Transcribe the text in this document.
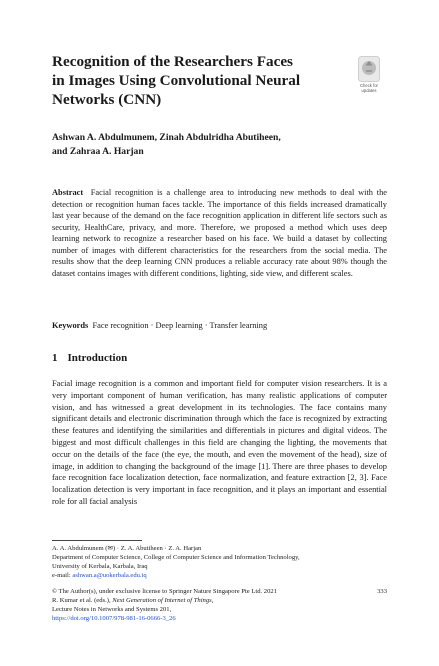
Recognition of the Researchers Faces
in Images Using Convolutional Neural
Networks (CNN)
Check for
updates
Ashwan A. Abdulmunem, Zinah Abdulridha Abutiheen,
and Zahraa A. Harjan
Abstract Facial recognition is a challenge area to introducing new methods to deal with the detection or recognition human faces tackle. The importance of this fields increased dramatically last year because of the demand on the face recognition application in different life sectors such as security, HealthCare, privacy, and more. Therefore, we proposed a method which uses deep learning network to recognize a researcher based on his face. We build a dataset by collecting number of images with different characteristics for the researchers from the social media. The results show that the deep learning CNN produces a reliable accuracy rate about 98% though the dataset contains images with different conditions, lighting, side view, and different scales.
Keywords Face recognition · Deep learning · Transfer learning
1 Introduction
Facial image recognition is a common and important field for computer vision researchers. It is a very important component of human verification, has many realistic applications of computer vision, and has witnessed a great development in its technologies. The face contains many significant details and electronic discrimination through which the face is recognized by extracting these features and identifying the similarities and differentials in pictures and digital videos. The biggest and most difficult challenges in this field are changing the lighting, the movements that occur on the details of the face (the eye, the mouth, and even the movement of the head), size of image, in addition to changing the background of the image [1]. There are three phases to develop face recognition face localization detection, face normalization, and feature extraction [2, 3]. Face localization detection is very important in face recognition, and it plays an important and essential role for all facial analysis
A. A. Abdulmunem (✉) · Z. A. Abutiheen · Z. A. Harjan
Department of Computer Science, College of Computer Science and Information Technology,
University of Kerbala, Karbala, Iraq
e-mail: ashwan.a@uokerbala.edu.iq
© The Author(s), under exclusive license to Springer Nature Singapore Pte Ltd. 2021	333
R. Kumar et al. (eds.), Next Generation of Internet of Things,
Lecture Notes in Networks and Systems 201,
https://doi.org/10.1007/978-981-16-0666-3_26
